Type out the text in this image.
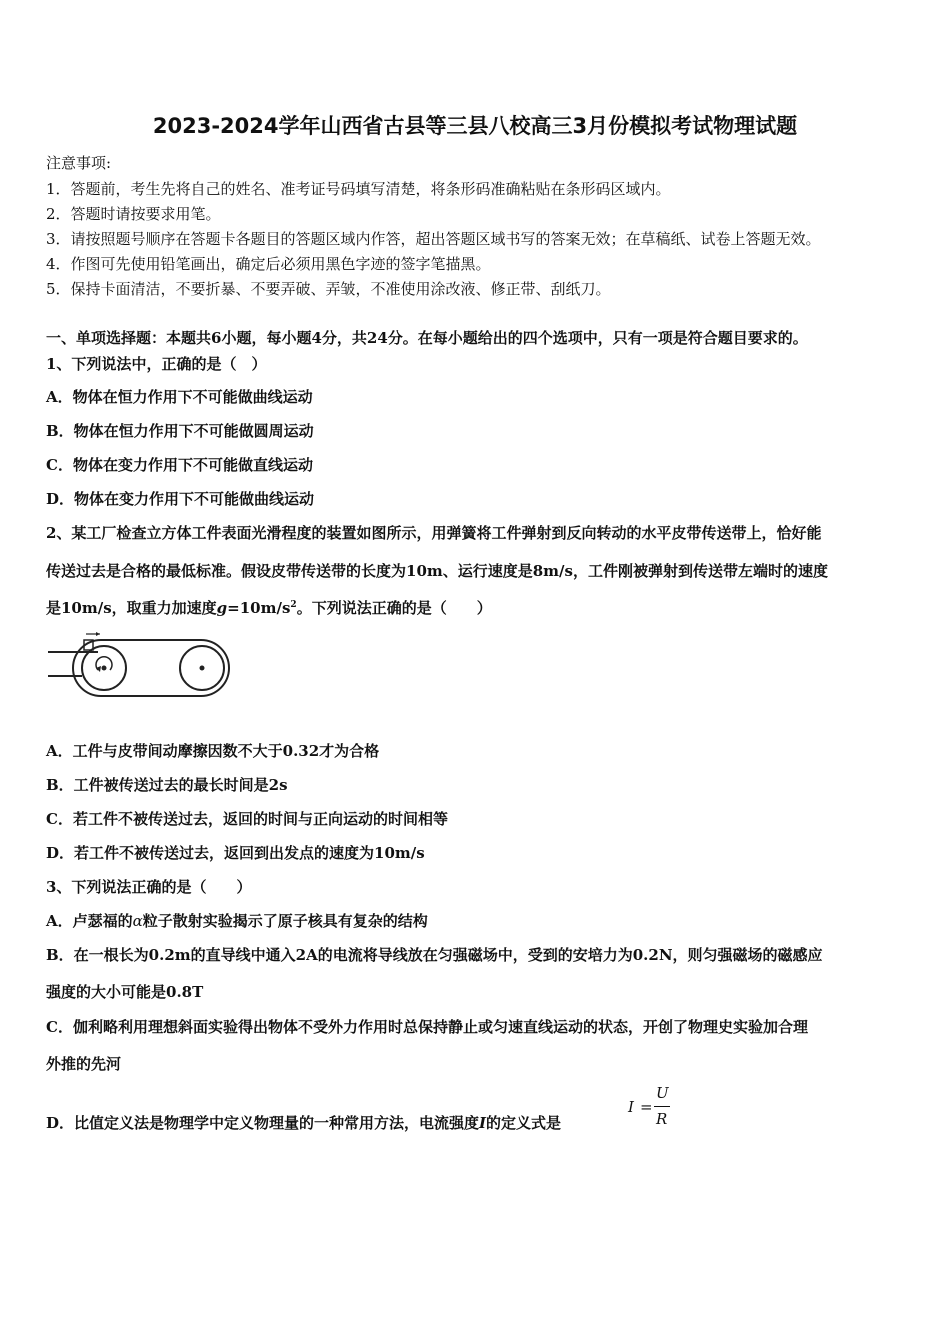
2023-2024学年山西省古县等三县八校高三3月份模拟考试物理试题
注意事项:
1．答题前，考生先将自己的姓名、准考证号码填写清楚，将条形码准确粘贴在条形码区域内。
2．答题时请按要求用笔。
3．请按照题号顺序在答题卡各题目的答题区域内作答，超出答题区域书写的答案无效；在草稿纸、试卷上答题无效。
4．作图可先使用铅笔画出，确定后必须用黑色字迹的签字笔描黑。
5．保持卡面清洁，不要折暴、不要弄破、弄皱，不准使用涂改液、修正带、刮纸刀。
一、单项选择题：本题共6小题，每小题4分，共24分。在每小题给出的四个选项中，只有一项是符合题目要求的。
1、下列说法中，正确的是（　）
A．物体在恒力作用下不可能做曲线运动
B．物体在恒力作用下不可能做圆周运动
C．物体在变力作用下不可能做直线运动
D．物体在变力作用下不可能做曲线运动
2、某工厂检查立方体工件表面光滑程度的装置如图所示，用弹簧将工件弹射到反向转动的水平皮带传送带上，恰好能
传送过去是合格的最低标准。假设皮带传送带的长度为10m、运行速度是8m/s，工件刚被弹射到传送带左端时的速度
是10m/s，取重力加速度$g=10m/s^2$。下列说法正确的是（　　）
A．工件与皮带间动摩擦因数不大于0.32才为合格
B．工件被传送过去的最长时间是2s
C．若工件不被传送过去，返回的时间与正向运动的时间相等
D．若工件不被传送过去，返回到出发点的速度为10m/s
3、下列说法正确的是（　　）
A．卢瑟福的α粒子散射实验揭示了原子核具有复杂的结构
B．在一根长为0.2m的直导线中通入2A的电流将导线放在匀强磁场中，受到的安培力为0.2N，则匀强磁场的磁感应
强度的大小可能是0.8T
C．伽利略利用理想斜面实验得出物体不受外力作用时总保持静止或匀速直线运动的状态，开创了物理史实验加合理
外推的先河
D．比值定义法是物理学中定义物理量的一种常用方法，电流强度I的定义式是
I =
U
R
